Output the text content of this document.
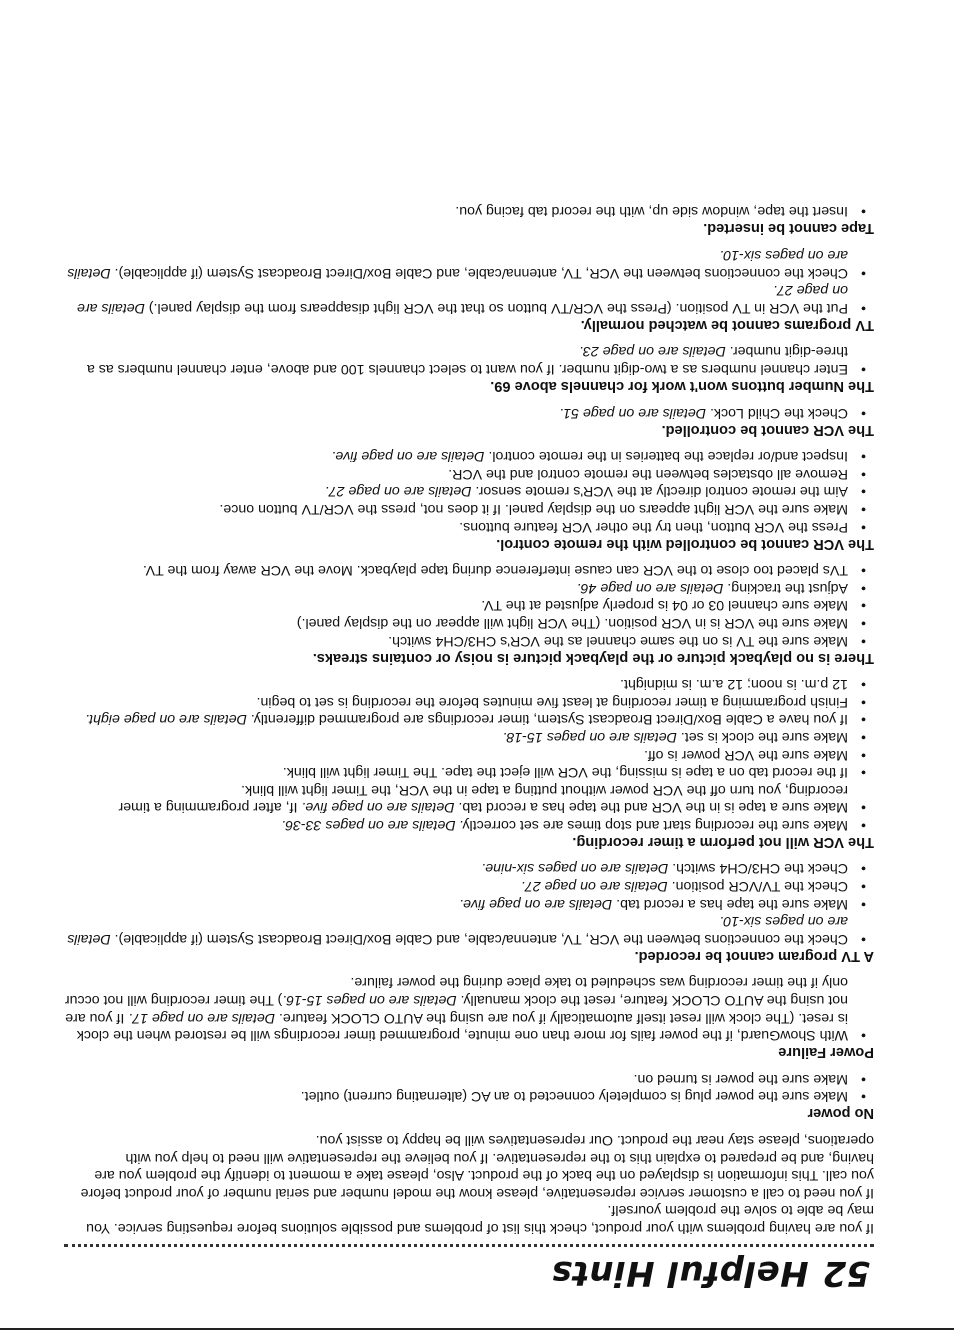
52
Helpful Hints

If you are having problems with your product, check this list of problems and possible solutions before requesting service. You may be able to solve the problem yourself.

If you need to call a customer service representative, please know the model number and serial number of your product before you call. This information is displayed on the back of the product. Also, please take a moment to identify the problem you are having, and be prepared to explain this to the representative. If you believe the representative will need to help you with operations, please stay near the product. Our representatives will be happy to assist you.

No power
• Make sure the power plug is completely connected to an AC (alternating current) outlet.
• Make sure the power is turned on.
Power Failure
• With ShowGuard, if the power fails for more than one minute, programmed timer recordings will be restored when the clock is reset. (The clock will reset itself automatically if you are using the AUTO CLOCK feature. Details are on page 17. If you are not using the AUTO CLOCK feature, reset the clock manually. Details are on pages 15-16.) The timer recording will not occur only if the timer recording was scheduled to take place during the power failure.
A TV program cannot be recorded.
• Check the connections between the VCR, TV, antenna/cable, and Cable Box/Direct Broadcast System (if applicable). Details are on pages six-10.
• Make sure the tape has a record tab. Details are on page five.
• Check the TV/VCR position. Details are on page 27.
• Check the CH3/CH4 switch. Details are on pages six-nine.
The VCR will not perform a timer recording.
• Make sure the recording start and stop times are set correctly. Details are on pages 33-36.
• Make sure a tape is in the VCR and the tape has a record tab. Details are on page five. If, after programming a timer recording, you turn off the VCR power without putting a tape in the VCR, the Timer light will blink.
• If the record tab on a tape is missing, the VCR will eject the tape. The Timer light will blink.
• Make sure the VCR power is off.
• Make sure the clock is set. Details are on pages 15-18.
• If you have a Cable Box/Direct Broadcast System, timer recordings are programmed differently. Details are on page eight.
• Finish programming a timer recording at least five minutes before the recording is set to begin.
• 12 p.m. is noon; 12 a.m. is midnight.
There is no playback picture or the playback picture is noisy or contains streaks.
• Make sure the TV is on the same channel as the VCR's CH3/CH4 switch.
• Make sure the VCR is in VCR position. (The VCR light will appear on the display panel.)
• Make sure channel 03 or 04 is properly adjusted at the TV.
• Adjust the tracking. Details are on page 46.
• TVs placed too close to the VCR can cause interference during tape playback. Move the VCR away from the TV.
The VCR cannot be controlled with the remote control.
• Press the VCR button, then try the other VCR feature buttons.
• Make sure the VCR light appears on the display panel. If it does not, press the VCR/TV button once.
• Aim the remote control directly at the VCR's remote sensor. Details are on page 27.
• Remove all obstacles between the remote control and the VCR.
• Inspect and/or replace the batteries in the remote control. Details are on page five.
The VCR cannot be controlled.
• Check the Child Lock. Details are on page 51.
The Number buttons won't work for channels above 69.
• Enter channel numbers as a two-digit number. If you want to select channels 100 and above, enter channel numbers as a three-digit number. Details are on page 23.
TV programs cannot be watched normally.
• Put the VCR in TV position. (Press the VCR/TV button so that the VCR light disappears from the display panel.) Details are on page 27.
• Check the connections between the VCR, TV, antenna/cable, and Cable Box/Direct Broadcast System (if applicable). Details are on pages six-10.
Tape cannot be inserted.
• Insert the tape, window side up, with the record tab facing you.
